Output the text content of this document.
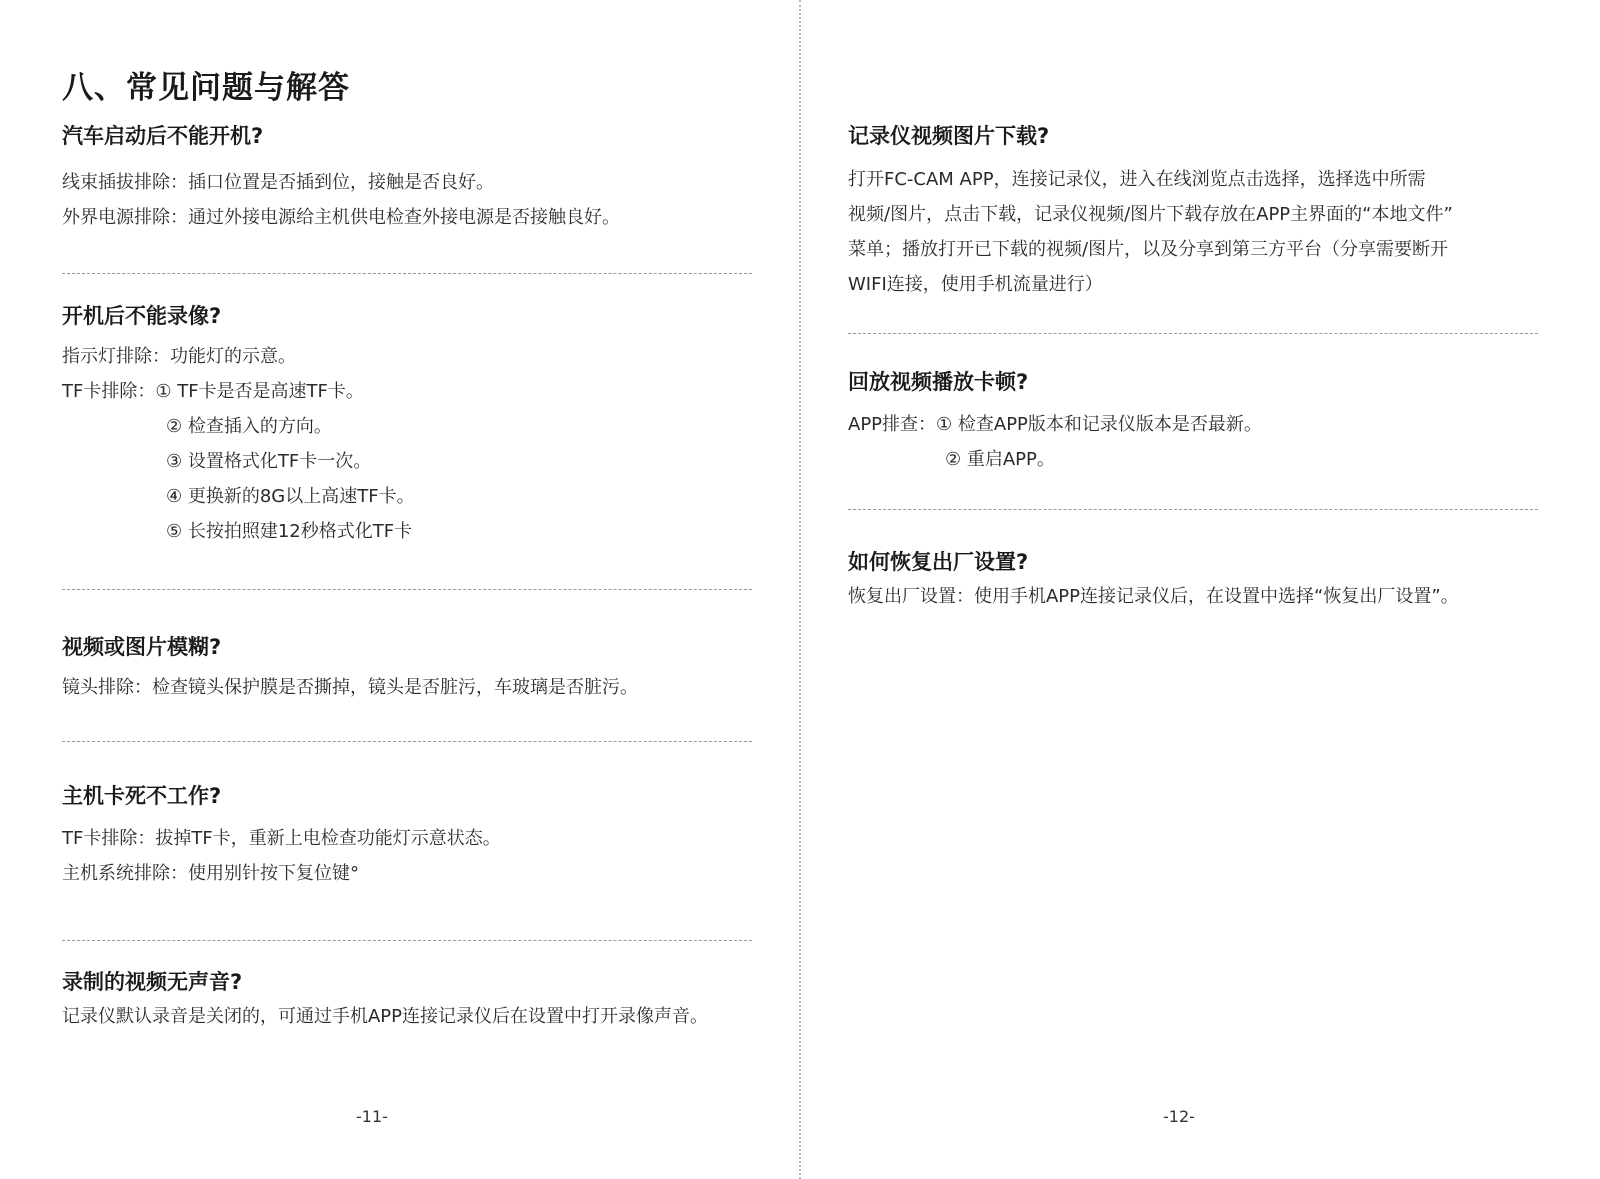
八、常见问题与解答
汽车启动后不能开机?
线束插拔排除：插口位置是否插到位，接触是否良好。
外界电源排除：通过外接电源给主机供电检查外接电源是否接触良好。
开机后不能录像?
指示灯排除：功能灯的示意。
TF卡排除：① TF卡是否是高速TF卡。
② 检查插入的方向。
③ 设置格式化TF卡一次。
④ 更换新的8G以上高速TF卡。
⑤ 长按拍照建12秒格式化TF卡
视频或图片模糊?
镜头排除：检查镜头保护膜是否撕掉，镜头是否脏污，车玻璃是否脏污。
主机卡死不工作?
TF卡排除：拔掉TF卡，重新上电检查功能灯示意状态。
主机系统排除：使用别针按下复位键°
录制的视频无声音?
记录仪默认录音是关闭的，可通过手机APP连接记录仪后在设置中打开录像声音。
-11-
记录仪视频图片下载?
打开FC-CAM APP，连接记录仪，进入在线浏览点击选择，选择选中所需
视频/图片，点击下载，记录仪视频/图片下载存放在APP主界面的“本地文件”
菜单；播放打开已下载的视频/图片，以及分享到第三方平台（分享需要断开
WIFI连接，使用手机流量进行）
回放视频播放卡顿?
APP排查：① 检查APP版本和记录仪版本是否最新。
② 重启APP。
如何恢复出厂设置?
恢复出厂设置：使用手机APP连接记录仪后，在设置中选择“恢复出厂设置”。
-12-
